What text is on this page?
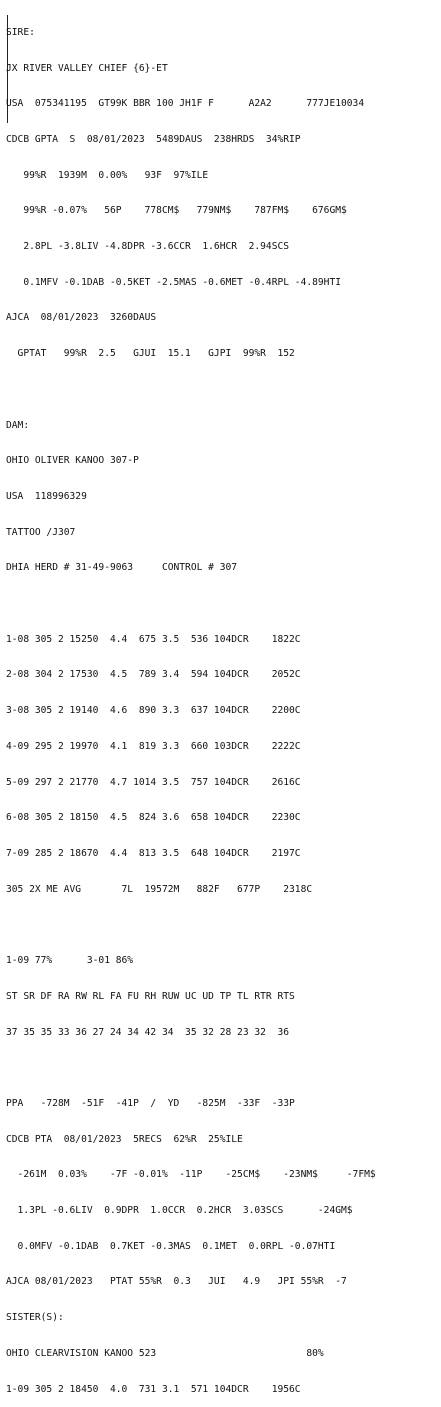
SIRE:

JX RIVER VALLEY CHIEF {6}-ET

USA  075341195  GT99K BBR 100 JH1F F      A2A2      777JE10034

CDCB GPTA  S  08/01/2023  5489DAUS  238HRDS  34%RIP

99%R  1939M  0.00%   93F  97%ILE

99%R -0.07%   56P    778CM$   779NM$    787FM$    676GM$

2.8PL -3.8LIV -4.8DPR -3.6CCR  1.6HCR  2.94SCS

0.1MFV -0.1DAB -0.5KET -2.5MAS -0.6MET -0.4RPL -4.89HTI

AJCA  08/01/2023  3260DAUS

GPTAT   99%R  2.5   GJUI  15.1   GJPI  99%R  152

DAM:

OHIO OLIVER KANOO 307-P

USA  118996329

TATTOO /J307

DHIA HERD # 31-49-9063     CONTROL # 307

1-08 305 2 15250  4.4  675 3.5  536 104DCR    1822C

2-08 304 2 17530  4.5  789 3.4  594 104DCR    2052C

3-08 305 2 19140  4.6  890 3.3  637 104DCR    2200C

4-09 295 2 19970  4.1  819 3.3  660 103DCR    2222C

5-09 297 2 21770  4.7 1014 3.5  757 104DCR    2616C

6-08 305 2 18150  4.5  824 3.6  658 104DCR    2230C

7-09 285 2 18670  4.4  813 3.5  648 104DCR    2197C

305 2X ME AVG       7L  19572M   882F   677P    2318C

1-09 77%      3-01 86%

ST SR DF RA RW RL FA FU RH RUW UC UD TP TL RTR RTS

37 35 35 33 36 27 24 34 42 34  35 32 28 23 32  36

PPA   -728M  -51F  -41P  /  YD   -825M  -33F  -33P

CDCB PTA  08/01/2023  5RECS  62%R  25%ILE

-261M  0.03%    -7F -0.01%  -11P    -25CM$    -23NM$     -7FM$

1.3PL -0.6LIV  0.9DPR  1.0CCR  0.2HCR  3.03SCS      -24GM$

0.0MFV -0.1DAB  0.7KET -0.3MAS  0.1MET  0.0RPL -0.07HTI

AJCA 08/01/2023   PTAT 55%R  0.3   JUI   4.9   JPI 55%R  -7

SISTER(S):

OHIO CLEARVISION KANOO 523                          80%

1-09 305 2 18450  4.0  731 3.1  571 104DCR    1956C
